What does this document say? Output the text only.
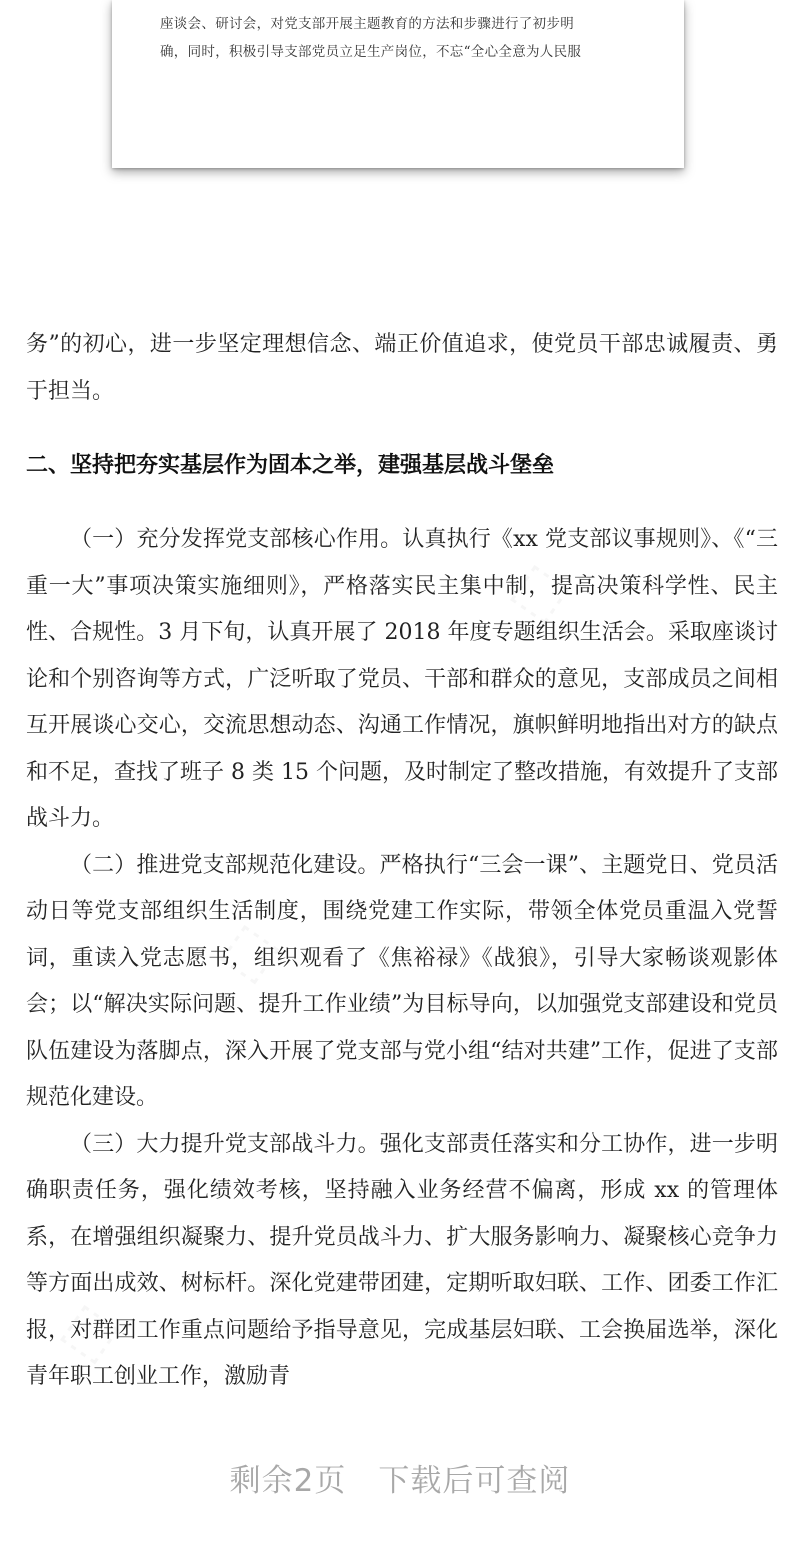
座谈会、研讨会，对党支部开展主题教育的方法和步骤进行了初步明
确，同时，积极引导支部党员立足生产岗位，不忘“全心全意为人民服

务”的初心，进一步坚定理想信念、端正价值追求，使党员干部忠诚履责、勇于担当。

二、坚持把夯实基层作为固本之举，建强基层战斗堡垒

（一）充分发挥党支部核心作用。认真执行《xx 党支部议事规则》、《“三重一大”事项决策实施细则》，严格落实民主集中制，提高决策科学性、民主性、合规性。3 月下旬，认真开展了 2018 年度专题组织生活会。采取座谈讨论和个别咨询等方式，广泛听取了党员、干部和群众的意见，支部成员之间相互开展谈心交心，交流思想动态、沟通工作情况，旗帜鲜明地指出对方的缺点和不足，查找了班子 8 类 15 个问题，及时制定了整改措施，有效提升了支部战斗力。

（二）推进党支部规范化建设。严格执行“三会一课”、主题党日、党员活动日等党支部组织生活制度，围绕党建工作实际，带领全体党员重温入党誓词，重读入党志愿书，组织观看了《焦裕禄》《战狼》，引导大家畅谈观影体会；以“解决实际问题、提升工作业绩”为目标导向，以加强党支部建设和党员队伍建设为落脚点，深入开展了党支部与党小组“结对共建”工作，促进了支部规范化建设。

（三）大力提升党支部战斗力。强化支部责任落实和分工协作，进一步明确职责任务，强化绩效考核，坚持融入业务经营不偏离，形成 xx 的管理体系，在增强组织凝聚力、提升党员战斗力、扩大服务影响力、凝聚核心竞争力等方面出成效、树标杆。深化党建带团建，定期听取妇联、工作、团委工作汇报，对群团工作重点问题给予指导意见，完成基层妇联、工会换届选举，深化青年职工创业工作，激励青

剩余2页　下载后可查阅
